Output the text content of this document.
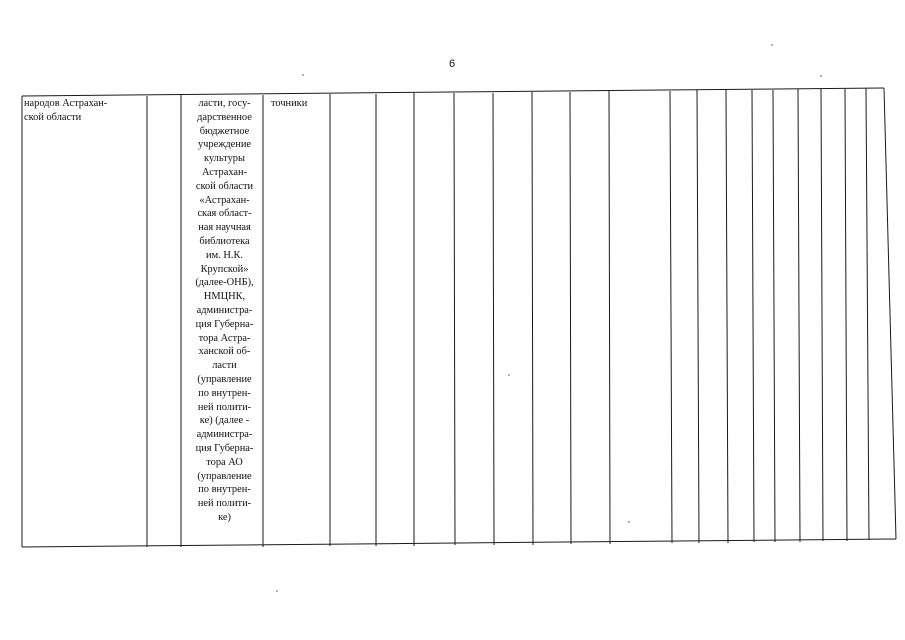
6
народов Астрахан-
ской области
ласти, госу-
дарственное
бюджетное
учреждение
культуры
Астрахан-
ской области
«Астрахан-
ская област-
ная научная
библиотека
им. Н.К.
Крупской»
(далее-ОНБ),
НМЦНК,
администра-
ция Губерна-
тора Астра-
ханской об-
ласти
(управление
по внутрен-
ней полити-
ке) (далее -
администра-
ция Губерна-
тора АО
(управление
по внутрен-
ней полити-
ке)
точники
